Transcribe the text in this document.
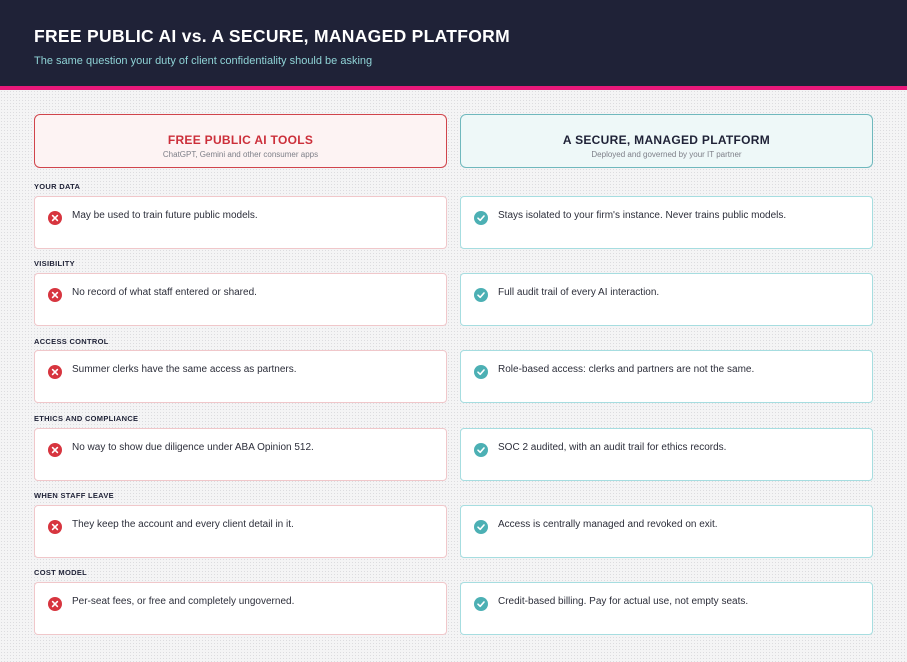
FREE PUBLIC AI vs. A SECURE, MANAGED PLATFORM
The same question your duty of client confidentiality should be asking
FREE PUBLIC AI TOOLS
ChatGPT, Gemini and other consumer apps
A SECURE, MANAGED PLATFORM
Deployed and governed by your IT partner
YOUR DATA
May be used to train future public models.	Stays isolated to your firm's instance. Never trains public models.
VISIBILITY
No record of what staff entered or shared.	Full audit trail of every AI interaction.
ACCESS CONTROL
Summer clerks have the same access as partners.	Role-based access: clerks and partners are not the same.
ETHICS AND COMPLIANCE
No way to show due diligence under ABA Opinion 512.	SOC 2 audited, with an audit trail for ethics records.
WHEN STAFF LEAVE
They keep the account and every client detail in it.	Access is centrally managed and revoked on exit.
COST MODEL
Per-seat fees, or free and completely ungoverned.	Credit-based billing. Pay for actual use, not empty seats.
